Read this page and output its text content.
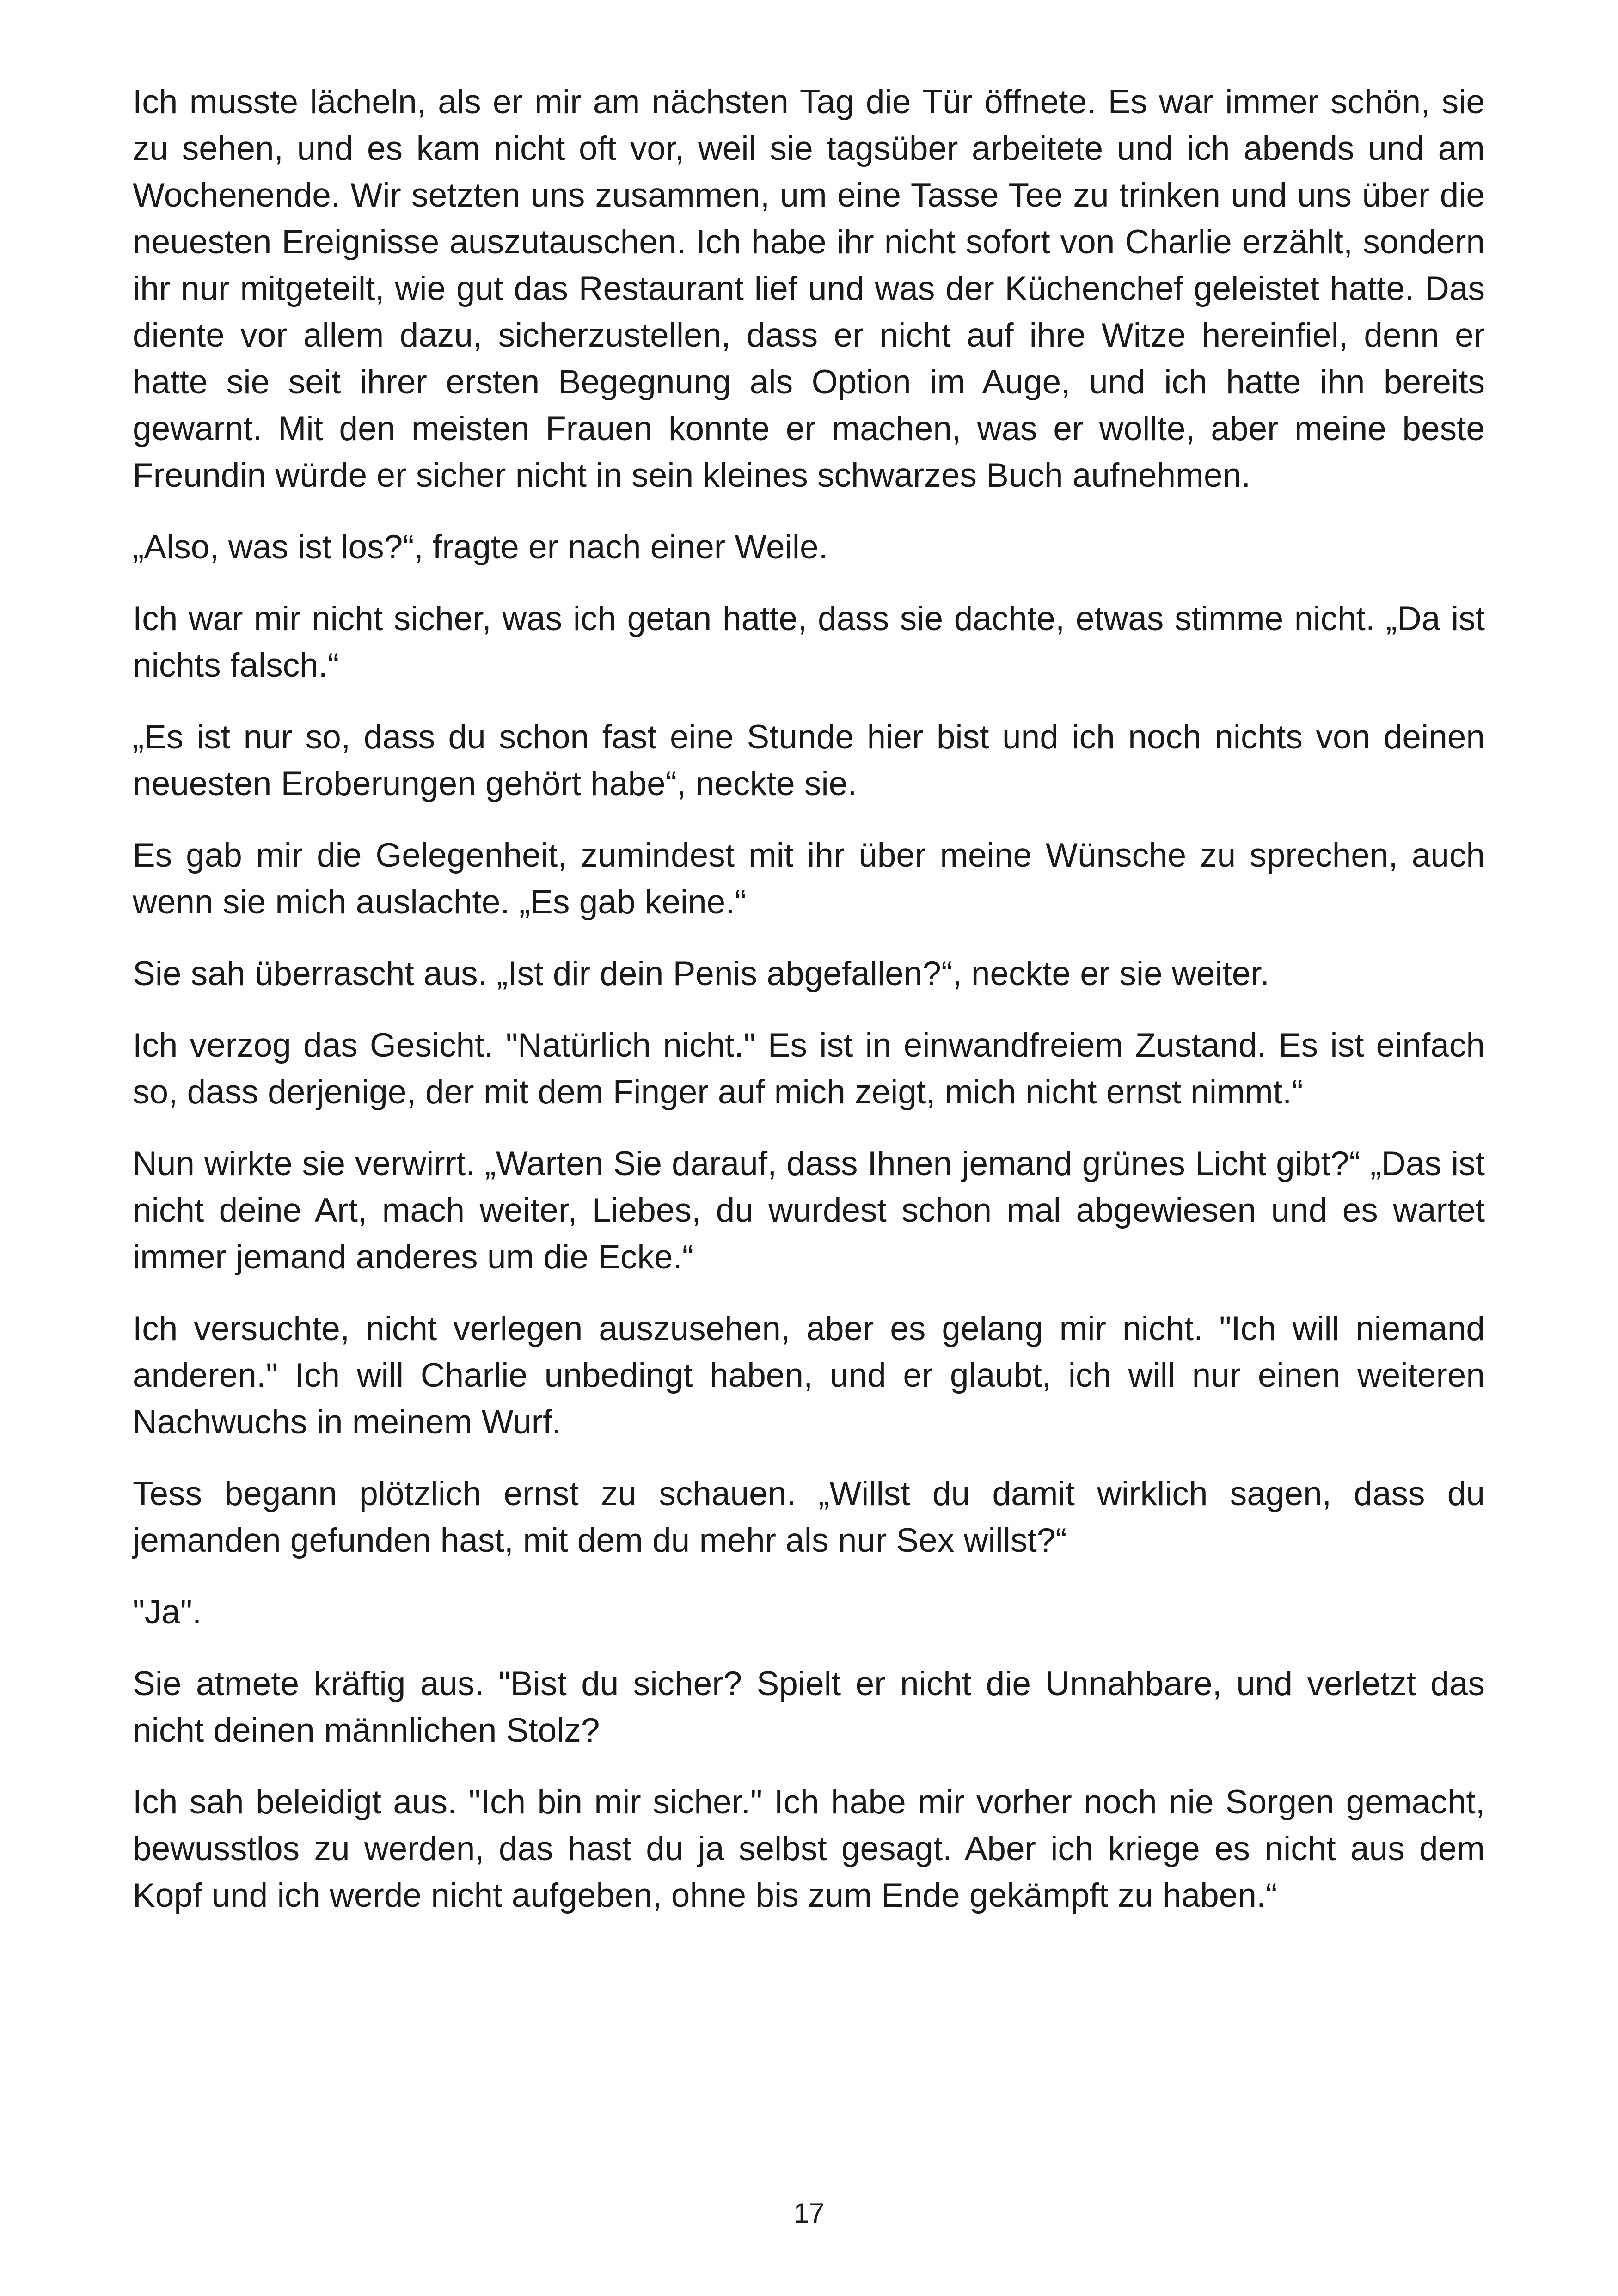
Ich musste lächeln, als er mir am nächsten Tag die Tür öffnete. Es war immer schön, sie zu sehen, und es kam nicht oft vor, weil sie tagsüber arbeitete und ich abends und am Wochenende. Wir setzten uns zusammen, um eine Tasse Tee zu trinken und uns über die neuesten Ereignisse auszutauschen. Ich habe ihr nicht sofort von Charlie erzählt, sondern ihr nur mitgeteilt, wie gut das Restaurant lief und was der Küchenchef geleistet hatte. Das diente vor allem dazu, sicherzustellen, dass er nicht auf ihre Witze hereinfiel, denn er hatte sie seit ihrer ersten Begegnung als Option im Auge, und ich hatte ihn bereits gewarnt. Mit den meisten Frauen konnte er machen, was er wollte, aber meine beste Freundin würde er sicher nicht in sein kleines schwarzes Buch aufnehmen.

„Also, was ist los?“, fragte er nach einer Weile.

Ich war mir nicht sicher, was ich getan hatte, dass sie dachte, etwas stimme nicht. „Da ist nichts falsch.“

„Es ist nur so, dass du schon fast eine Stunde hier bist und ich noch nichts von deinen neuesten Eroberungen gehört habe“, neckte sie.

Es gab mir die Gelegenheit, zumindest mit ihr über meine Wünsche zu sprechen, auch wenn sie mich auslachte. „Es gab keine.“

Sie sah überrascht aus. „Ist dir dein Penis abgefallen?“, neckte er sie weiter.

Ich verzog das Gesicht. "Natürlich nicht." Es ist in einwandfreiem Zustand. Es ist einfach so, dass derjenige, der mit dem Finger auf mich zeigt, mich nicht ernst nimmt.“

Nun wirkte sie verwirrt. „Warten Sie darauf, dass Ihnen jemand grünes Licht gibt?“ „Das ist nicht deine Art, mach weiter, Liebes, du wurdest schon mal abgewiesen und es wartet immer jemand anderes um die Ecke.“

Ich versuchte, nicht verlegen auszusehen, aber es gelang mir nicht. "Ich will niemand anderen." Ich will Charlie unbedingt haben, und er glaubt, ich will nur einen weiteren Nachwuchs in meinem Wurf.

Tess begann plötzlich ernst zu schauen. „Willst du damit wirklich sagen, dass du jemanden gefunden hast, mit dem du mehr als nur Sex willst?“

"Ja".

Sie atmete kräftig aus. "Bist du sicher? Spielt er nicht die Unnahbare, und verletzt das nicht deinen männlichen Stolz?

Ich sah beleidigt aus. "Ich bin mir sicher." Ich habe mir vorher noch nie Sorgen gemacht, bewusstlos zu werden, das hast du ja selbst gesagt. Aber ich kriege es nicht aus dem Kopf und ich werde nicht aufgeben, ohne bis zum Ende gekämpft zu haben.“

17
